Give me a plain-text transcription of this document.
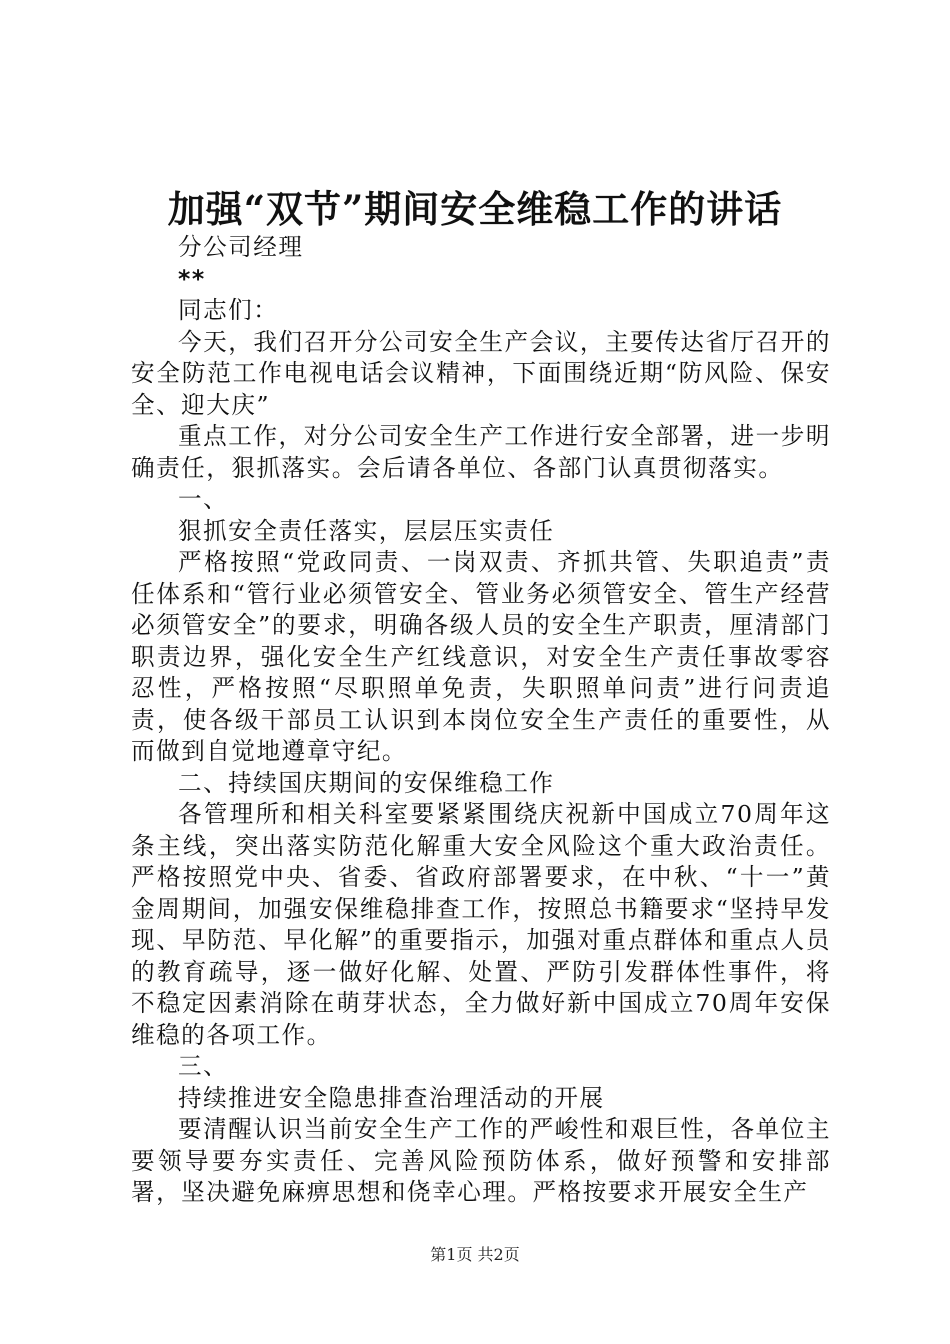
加强“双节”期间安全维稳工作的讲话

分公司经理

**

同志们：

今天，我们召开分公司安全生产会议，主要传达省厅召开的安全防范工作电视电话会议精神，下面围绕近期“防风险、保安全、迎大庆”

重点工作，对分公司安全生产工作进行安全部署，进一步明确责任，狠抓落实。会后请各单位、各部门认真贯彻落实。

一、

狠抓安全责任落实，层层压实责任

严格按照“党政同责、一岗双责、齐抓共管、失职追责”责任体系和“管行业必须管安全、管业务必须管安全、管生产经营必须管安全”的要求，明确各级人员的安全生产职责，厘清部门职责边界，强化安全生产红线意识，对安全生产责任事故零容忍性，严格按照“尽职照单免责，失职照单问责”进行问责追责，使各级干部员工认识到本岗位安全生产责任的重要性，从而做到自觉地遵章守纪。

二、持续国庆期间的安保维稳工作

各管理所和相关科室要紧紧围绕庆祝新中国成立70周年这条主线，突出落实防范化解重大安全风险这个重大政治责任。严格按照党中央、省委、省政府部署要求，在中秋、“十一”黄金周期间，加强安保维稳排查工作，按照总书籍要求“坚持早发现、早防范、早化解”的重要指示，加强对重点群体和重点人员的教育疏导，逐一做好化解、处置、严防引发群体性事件，将不稳定因素消除在萌芽状态，全力做好新中国成立70周年安保维稳的各项工作。

三、

持续推进安全隐患排查治理活动的开展

要清醒认识当前安全生产工作的严峻性和艰巨性，各单位主要领导要夯实责任、完善风险预防体系，做好预警和安排部署，坚决避免麻痹思想和侥幸心理。严格按要求开展安全生产

第1页 共2页
